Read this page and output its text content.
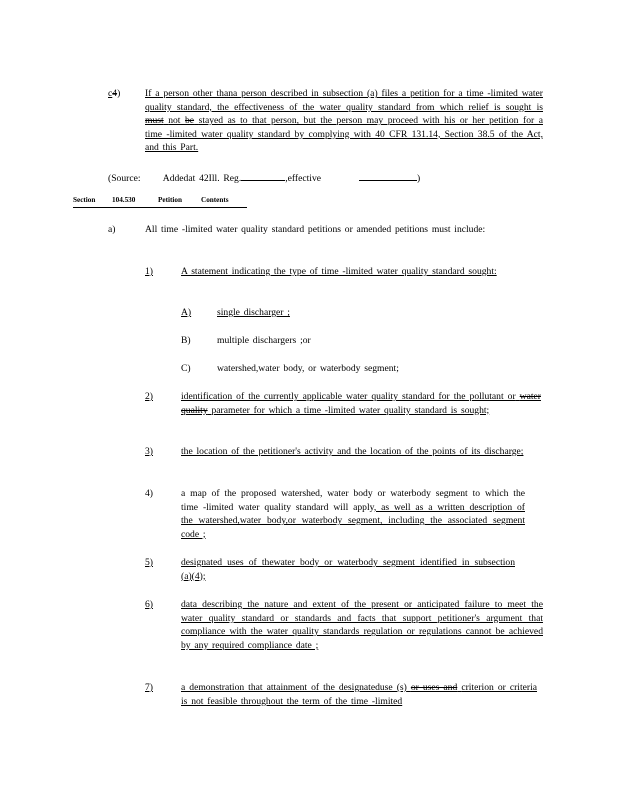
c4)	If a person other thana person described in subsection (a) files a petition for a time -limited water quality standard, the effectiveness of the water quality standard from which relief is sought is must not be stayed as to that person, but the person may proceed with his or her petition for a time -limited water quality standard by complying with 40 CFR 131.14, Section 38.5 of the Act, and this Part.
(Source: Addedat 42Ill. Reg.	,effective	)
Section 104.530	Petition	Contents
a)	All time -limited water quality standard petitions or amended petitions must include:
1)	A statement indicating the type of time -limited water quality standard sought:
A)	single discharger ;
B)	multiple dischargers ;or
C)	watershed,water body, or waterbody segment;
2)	identification of the currently applicable water quality standard for the pollutant or water quality parameter for which a time -limited water quality standard is sought;
3)	the location of the petitioner's activity and the location of the points of its discharge;
4)	a map of the proposed watershed, water body or waterbody segment to which the time -limited water quality standard will apply, as well as a written description of the watershed,water body,or waterbody segment, including the associated segment code ;
5)	designated uses of thewater body or waterbody segment identified in subsection (a)(4);
6)	data describing the nature and extent of the present or anticipated failure to meet the water quality standard or standards and facts that support petitioner's argument that compliance with the water quality standards regulation or regulations cannot be achieved by any required compliance date ;
7)	a demonstration that attainment of the designateduse (s) or uses and criterion or criteria is not feasible throughout the term of the time -limited
